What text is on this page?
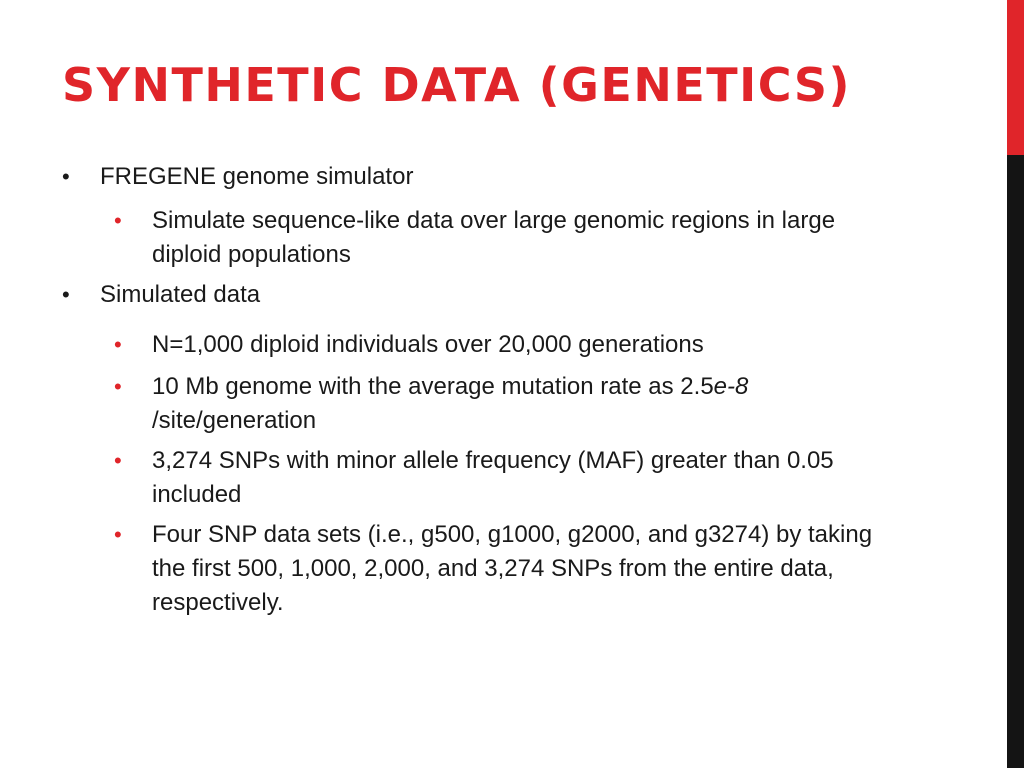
SYNTHETIC DATA (GENETICS)
• FREGENE genome simulator
• Simulate sequence-like data over large genomic regions in large diploid populations
• Simulated data
• N=1,000 diploid individuals over 20,000 generations
• 10 Mb genome with the average mutation rate as 2.5e-8 /site/generation
• 3,274 SNPs with minor allele frequency (MAF) greater than 0.05 included
• Four SNP data sets (i.e., g500, g1000, g2000, and g3274) by taking the first 500, 1,000, 2,000, and 3,274 SNPs from the entire data, respectively.
